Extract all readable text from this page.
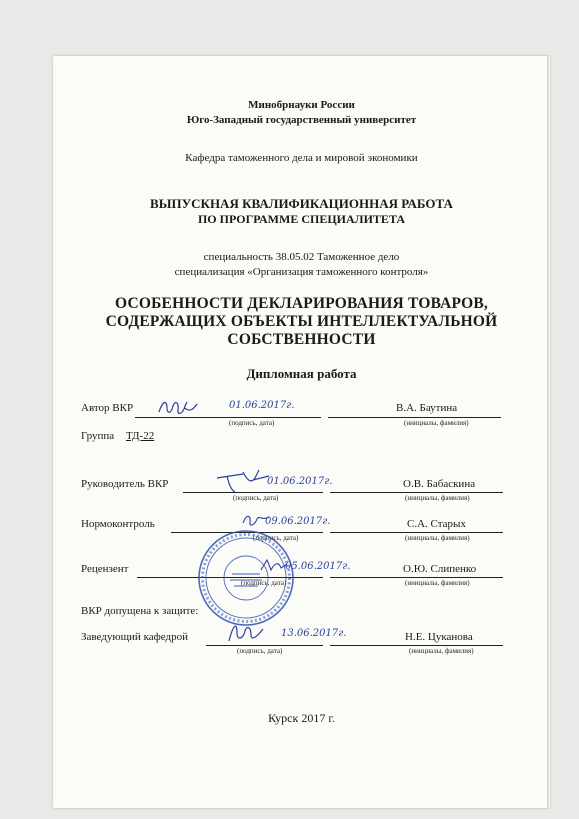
Минобрнауки России
Юго-Западный государственный университет
Кафедра таможенного дела и мировой экономики
ВЫПУСКНАЯ КВАЛИФИКАЦИОННАЯ РАБОТА
ПО ПРОГРАММЕ СПЕЦИАЛИТЕТА
специальность 38.05.02 Таможенное дело
специализация «Организация таможенного контроля»
ОСОБЕННОСТИ ДЕКЛАРИРОВАНИЯ ТОВАРОВ,
СОДЕРЖАЩИХ ОБЪЕКТЫ ИНТЕЛЛЕКТУАЛЬНОЙ
СОБСТВЕННОСТИ
Дипломная работа
Автор ВКР	01.06.2017г.
(подпись, дата)
В.А. Баутина
(инициалы, фамилия)
Группа ТД-22
Руководитель ВКР	01.06.2017г.
(подпись, дата)
О.В. Бабаскина
(инициалы, фамилия)
Нормоконтроль	09.06.2017г.
(подпись, дата)
С.А. Старых
(инициалы, фамилия)
Рецензент	05.06.2017г.
(подпись, дата)
О.Ю. Слипенко
(инициалы, фамилия)
ВКР допущена к защите:
Заведующий кафедрой	13.06.2017г.
(подпись, дата)
Н.Е. Цуканова
(инициалы, фамилия)
Курск 2017 г.
